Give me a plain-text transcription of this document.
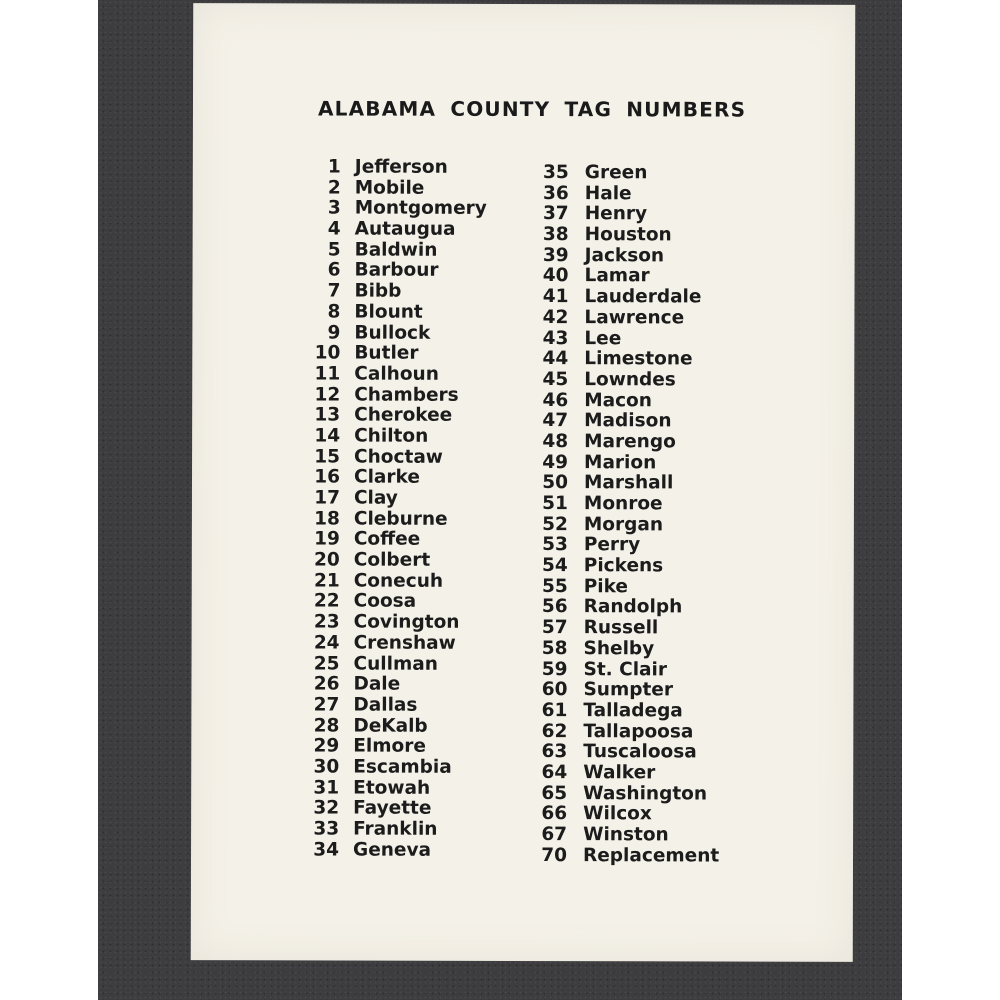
ALABAMA COUNTY TAG NUMBERS
1 Jefferson
2 Mobile
3 Montgomery
4 Autaugua
5 Baldwin
6 Barbour
7 Bibb
8 Blount
9 Bullock
10 Butler
11 Calhoun
12 Chambers
13 Cherokee
14 Chilton
15 Choctaw
16 Clarke
17 Clay
18 Cleburne
19 Coffee
20 Colbert
21 Conecuh
22 Coosa
23 Covington
24 Crenshaw
25 Cullman
26 Dale
27 Dallas
28 DeKalb
29 Elmore
30 Escambia
31 Etowah
32 Fayette
33 Franklin
34 Geneva
35 Green
36 Hale
37 Henry
38 Houston
39 Jackson
40 Lamar
41 Lauderdale
42 Lawrence
43 Lee
44 Limestone
45 Lowndes
46 Macon
47 Madison
48 Marengo
49 Marion
50 Marshall
51 Monroe
52 Morgan
53 Perry
54 Pickens
55 Pike
56 Randolph
57 Russell
58 Shelby
59 St. Clair
60 Sumpter
61 Talladega
62 Tallapoosa
63 Tuscaloosa
64 Walker
65 Washington
66 Wilcox
67 Winston
70 Replacement
